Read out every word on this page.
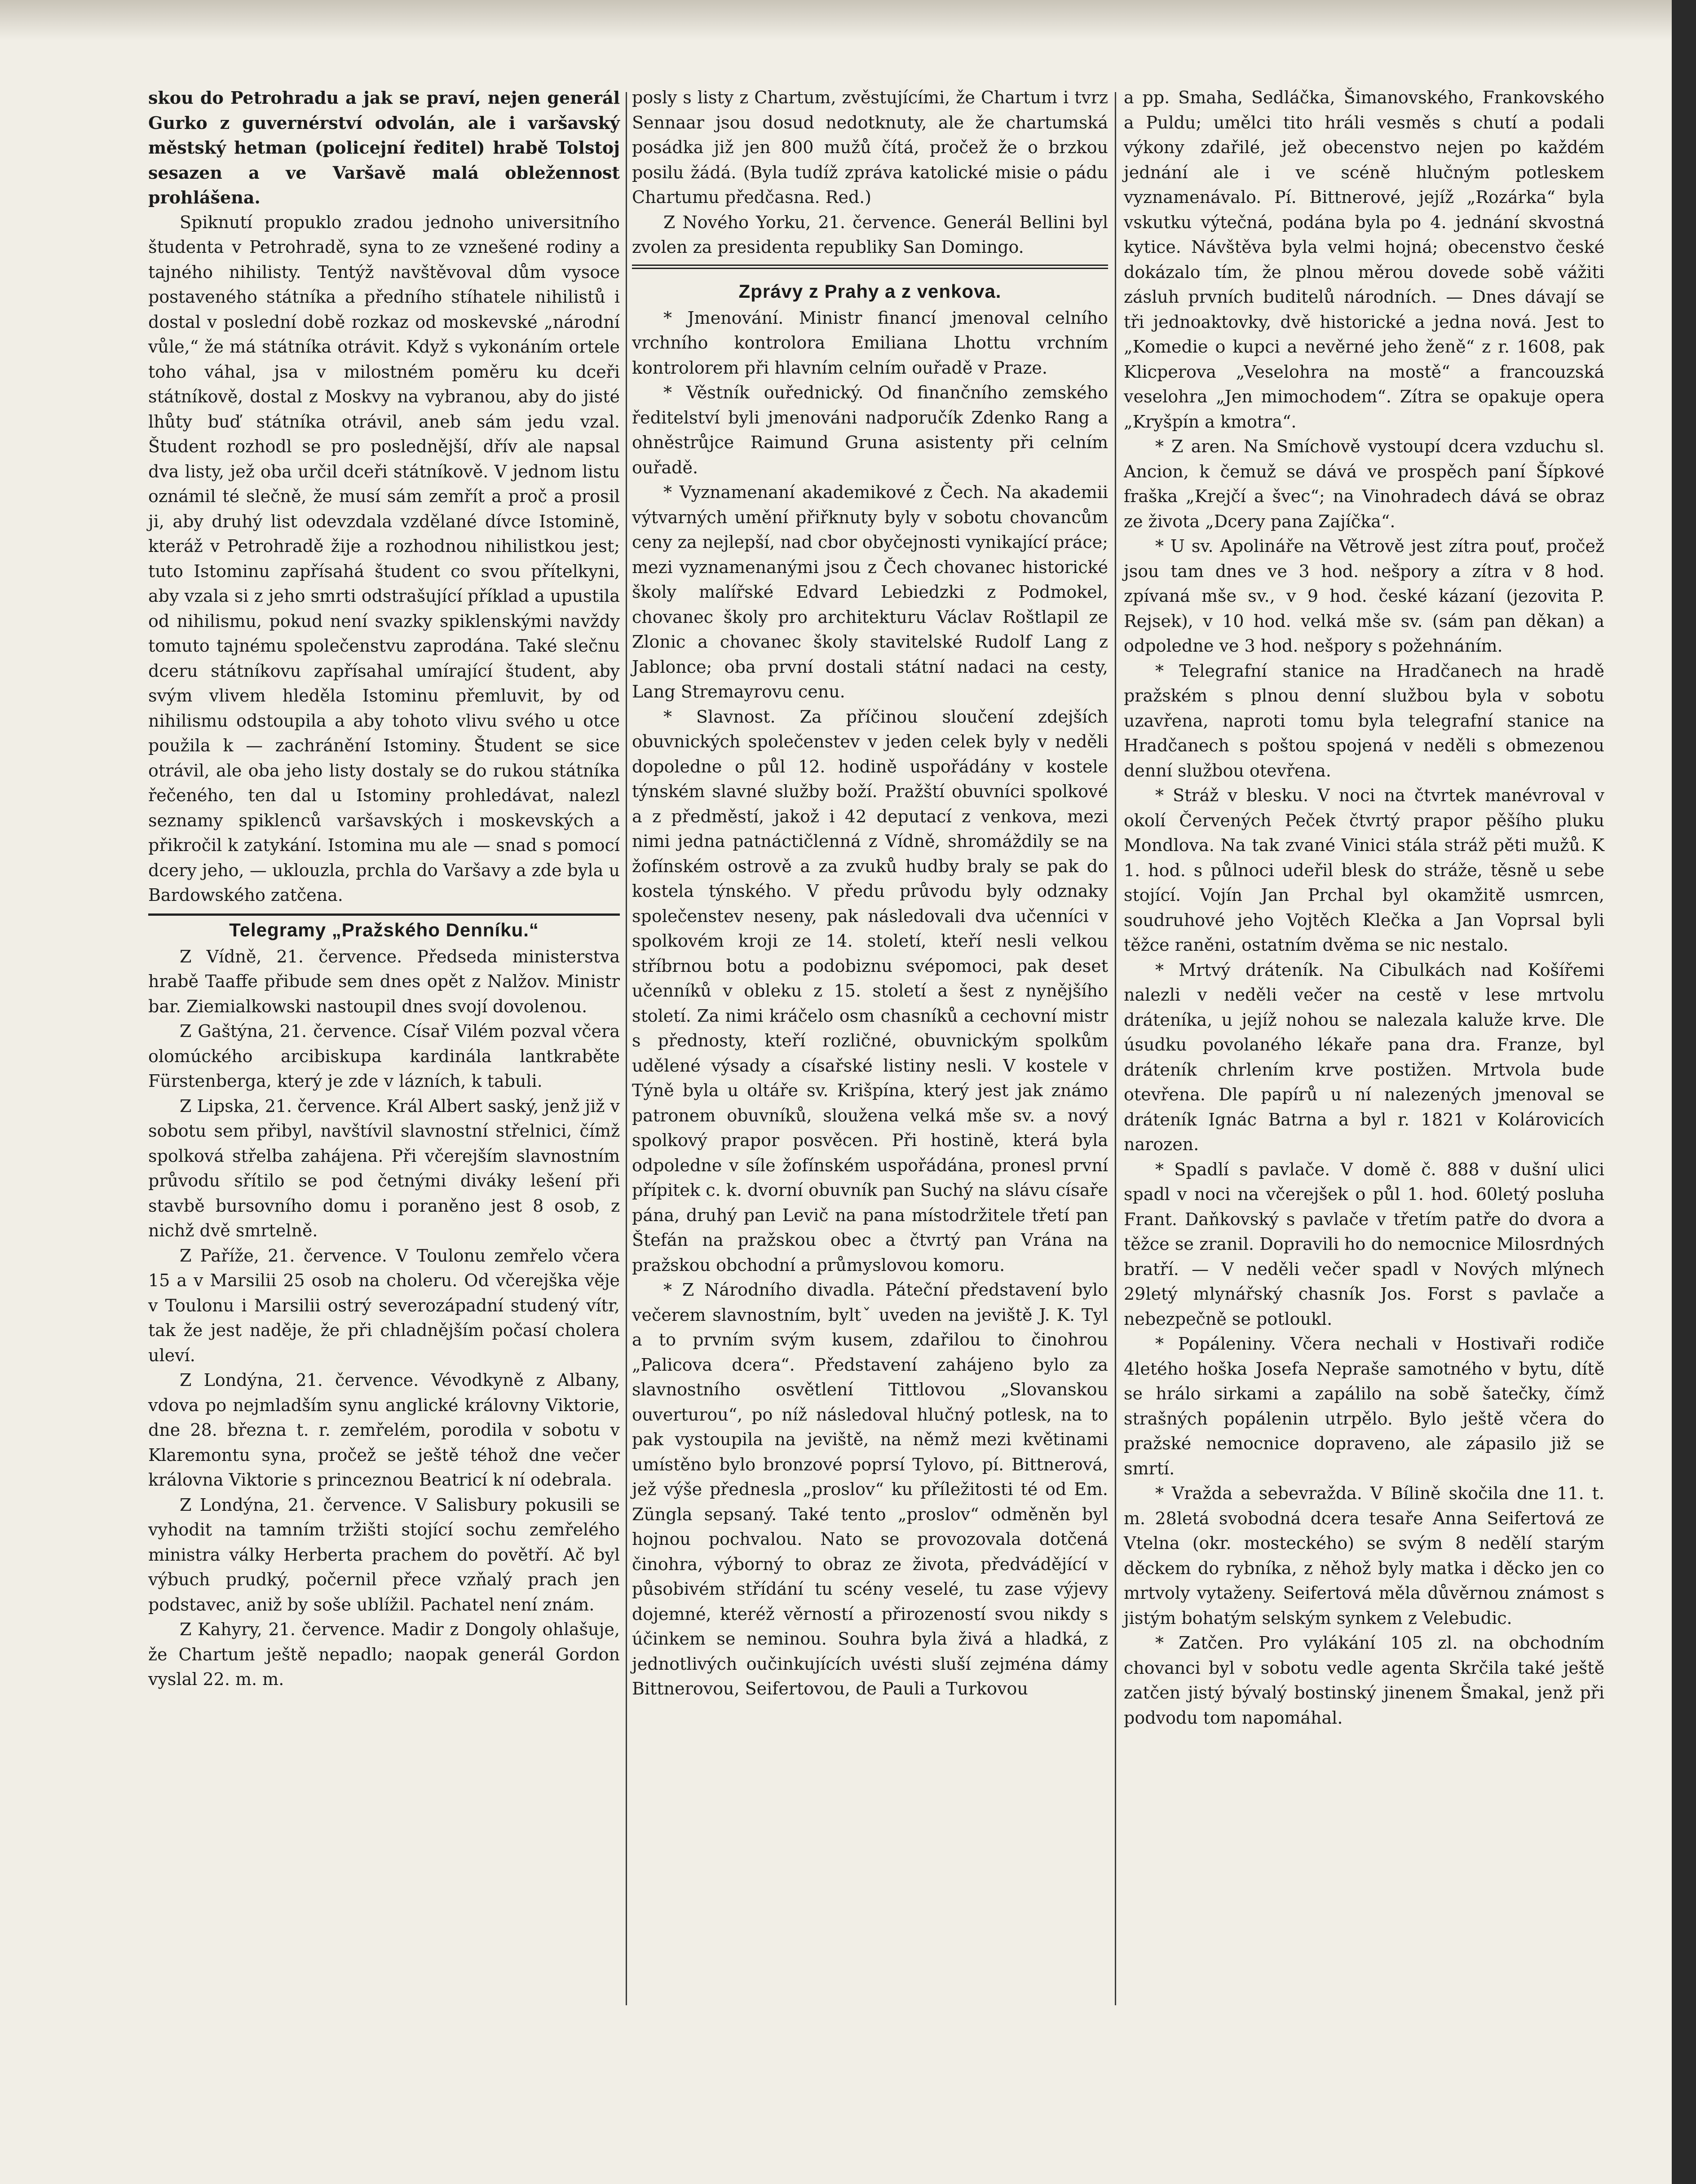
skou do Petrohradu a jak se praví, nejen generál Gurko z guvernérství odvolán, ale i varšavský městský hetman (policejní ředitel) hrabě Tolstoj sesazen a ve Varšavě malá obležennost prohlášena.

Spiknutí propuklo zradou jednoho universitního študenta v Petrohradě, syna to ze vznešené rodiny a tajného nihilisty. Tentýž navštěvoval dům vysoce postaveného státníka a předního stíhatele nihilistů i dostal v poslední době rozkaz od moskevské „národní vůle,“ že má státníka otrávit. Když s vykonáním ortele toho váhal, jsa v milostném poměru ku dceři státníkově, dostal z Moskvy na vybranou, aby do jisté lhůty buď státníka otrávil, aneb sám jedu vzal. Študent rozhodl se pro poslednější, dřív ale napsal dva listy, jež oba určil dceři státníkově. V jednom listu oznámil té slečně, že musí sám zemřít a proč a prosil ji, aby druhý list odevzdala vzdělané dívce Istomině, kteráž v Petrohradě žije a rozhodnou nihilistkou jest; tuto Istominu zapřísahá študent co svou přítelkyni, aby vzala si z jeho smrti odstrašující příklad a upustila od nihilismu, pokud není svazky spiklenskými navždy tomuto tajnému společenstvu zaprodána. Také slečnu dceru státníkovu zapřísahal umírající študent, aby svým vlivem hleděla Istominu přemluvit, by od nihilismu odstoupila a aby tohoto vlivu svého u otce použila k — zachránění Istominy. Študent se sice otrávil, ale oba jeho listy dostaly se do rukou státníka řečeného, ten dal u Istominy prohledávat, nalezl seznamy spiklenců varšavských i moskevských a přikročil k zatykání. Istomina mu ale — snad s pomocí dcery jeho, — uklouzla, prchla do Varšavy a zde byla u Bardowského zatčena.

Telegramy „Pražského Denníku.“

Z Vídně, 21. července. Předseda ministerstva hrabě Taaffe přibude sem dnes opět z Nalžov. Ministr bar. Ziemialkowski nastoupil dnes svojí dovolenou.

Z Gaštýna, 21. července. Císař Vilém pozval včera olomúckého arcibiskupa kardinála lantkraběte Fürstenberga, který je zde v lázních, k tabuli.

Z Lipska, 21. července. Král Albert saský, jenž již v sobotu sem přibyl, navštívil slavnostní střelnici, čímž spolková střelba zahájena. Při včerejším slavnostním průvodu sřítilo se pod četnými diváky lešení při stavbě bursovního domu i poraněno jest 8 osob, z nichž dvě smrtelně.

Z Paříže, 21. července. V Toulonu zemřelo včera 15 a v Marsilii 25 osob na choleru. Od včerejška věje v Toulonu i Marsilii ostrý severozápadní studený vítr, tak že jest naděje, že při chladnějším počasí cholera uleví.

Z Londýna, 21. července. Vévodkyně z Albany, vdova po nejmladším synu anglické královny Viktorie, dne 28. března t. r. zemřelém, porodila v sobotu v Klaremontu syna, pročež se ještě téhož dne večer královna Viktorie s princeznou Beatricí k ní odebrala.

Z Londýna, 21. července. V Salisbury pokusili se vyhodit na tamním tržišti stojící sochu zemřelého ministra války Herberta prachem do povětří. Ač byl výbuch prudký, počernil přece vzňalý prach jen podstavec, aniž by soše ublížil. Pachatel není znám.

Z Kahyry, 21. července. Madir z Dongoly ohlašuje, že Chartum ještě nepadlo; naopak generál Gordon vyslal 22. m. m.

posly s listy z Chartum, zvěstujícími, že Chartum i tvrz Sennaar jsou dosud nedotknuty, ale že chartumská posádka již jen 800 mužů čítá, pročež že o brzkou posilu žádá. (Byla tudíž zpráva katolické misie o pádu Chartumu předčasna. Red.)

Z Nového Yorku, 21. července. Generál Bellini byl zvolen za presidenta republiky San Domingo.

Zprávy z Prahy a z venkova.

* Jmenování. Ministr financí jmenoval celního vrchního kontrolora Emiliana Lhottu vrchním kontrolorem při hlavním celním ouřadě v Praze.

* Věstník ouřednický. Od finančního zemského ředitelství byli jmenováni nadporučík Zdenko Rang a ohněstrůjce Raimund Gruna asistenty při celním ouřadě.

* Vyznamenaní akademikové z Čech. Na akademii výtvarných umění přiřknuty byly v sobotu chovancům ceny za nejlepší, nad cbor obyčejnosti vynikající práce; mezi vyznamenanými jsou z Čech chovanec historické školy malířské Edvard Lebiedzki z Podmokel, chovanec školy pro architekturu Václav Roštlapil ze Zlonic a chovanec školy stavitelské Rudolf Lang z Jablonce; oba první dostali státní nadaci na cesty, Lang Stremayrovu cenu.

* Slavnost. Za příčinou sloučení zdejších obuvnických společenstev v jeden celek byly v neděli dopoledne o půl 12. hodině uspořádány v kostele týnském slavné služby boží. Pražští obuvníci spolkové a z předměstí, jakož i 42 deputací z venkova, mezi nimi jedna patnáctičlenná z Vídně, shromáždily se na žofínském ostrově a za zvuků hudby braly se pak do kostela týnského. V předu průvodu byly odznaky společenstev neseny, pak následovali dva učenníci v spolkovém kroji ze 14. století, kteří nesli velkou stříbrnou botu a podobiznu svépomoci, pak deset učenníků v obleku z 15. století a šest z nynějšího století. Za nimi kráčelo osm chasníků a cechovní mistr s přednosty, kteří rozličné, obuvnickým spolkům udělené výsady a císařské listiny nesli. V kostele v Týně byla u oltáře sv. Krišpína, který jest jak známo patronem obuvníků, sloužena velká mše sv. a nový spolkový prapor posvěcen. Při hostině, která byla odpoledne v síle žofínském uspořádána, pronesl první přípitek c. k. dvorní obuvník pan Suchý na slávu císaře pána, druhý pan Levič na pana místodržitele třetí pan Štefán na pražskou obec a čtvrtý pan Vrána na pražskou obchodní a průmyslovou komoru.

* Z Národního divadla. Páteční představení bylo večerem slavnostním, byltˇ uveden na jeviště J. K. Tyl a to prvním svým kusem, zdařilou to činohrou „Palicova dcera“. Představení zahájeno bylo za slavnostního osvětlení Tittlovou „Slovanskou ouverturou“, po níž následoval hlučný potlesk, na to pak vystoupila na jeviště, na němž mezi květinami umístěno bylo bronzové poprsí Tylovo, pí. Bittnerová, jež výše přednesla „proslov“ ku příležitosti té od Em. Züngla sepsaný. Také tento „proslov“ odměněn byl hojnou pochvalou. Nato se provozovala dotčená činohra, výborný to obraz ze života, předvádějící v působivém střídání tu scény veselé, tu zase výjevy dojemné, kteréž věrností a přirozeností svou nikdy s účinkem se neminou. Souhra byla živá a hladká, z jednotlivých oučinkujících uvésti sluší zejména dámy Bittnerovou, Seifertovou, de Pauli a Turkovou

a pp. Smaha, Sedláčka, Šimanovského, Frankovského a Puldu; umělci tito hráli vesměs s chutí a podali výkony zdařilé, jež obecenstvo nejen po každém jednání ale i ve scéně hlučným potleskem vyznamenávalo. Pí. Bittnerové, jejíž „Rozárka“ byla vskutku výtečná, podána byla po 4. jednání skvostná kytice. Návštěva byla velmi hojná; obecenstvo české dokázalo tím, že plnou měrou dovede sobě vážiti zásluh prvních buditelů národních. — Dnes dávají se tři jednoaktovky, dvě historické a jedna nová. Jest to „Komedie o kupci a nevěrné jeho ženě“ z r. 1608, pak Klicperova „Veselohra na mostě“ a francouzská veselohra „Jen mimochodem“. Zítra se opakuje opera „Kryšpín a kmotra“.

* Z aren. Na Smíchově vystoupí dcera vzduchu sl. Ancion, k čemuž se dává ve prospěch paní Šípkové fraška „Krejčí a švec“; na Vinohradech dává se obraz ze života „Dcery pana Zajíčka“.

* U sv. Apolináře na Větrově jest zítra pouť, pročež jsou tam dnes ve 3 hod. nešpory a zítra v 8 hod. zpívaná mše sv., v 9 hod. české kázaní (jezovita P. Rejsek), v 10 hod. velká mše sv. (sám pan děkan) a odpoledne ve 3 hod. nešpory s požehnáním.

* Telegrafní stanice na Hradčanech na hradě pražském s plnou denní službou byla v sobotu uzavřena, naproti tomu byla telegrafní stanice na Hradčanech s poštou spojená v neděli s obmezenou denní službou otevřena.

* Stráž v blesku. V noci na čtvrtek manévroval v okolí Červených Peček čtvrtý prapor pěšího pluku Mondlova. Na tak zvané Vinici stála stráž pěti mužů. K 1. hod. s půlnoci udeřil blesk do stráže, těsně u sebe stojící. Vojín Jan Prchal byl okamžitě usmrcen, soudruhové jeho Vojtěch Klečka a Jan Voprsal byli těžce raněni, ostatním dvěma se nic nestalo.

* Mrtvý dráteník. Na Cibulkách nad Košířemi nalezli v neděli večer na cestě v lese mrtvolu dráteníka, u jejíž nohou se nalezala kaluže krve. Dle úsudku povolaného lékaře pana dra. Franze, byl dráteník chrlením krve postižen. Mrtvola bude otevřena. Dle papírů u ní nalezených jmenoval se dráteník Ignác Batrna a byl r. 1821 v Kolárovicích narozen.

* Spadlí s pavlače. V domě č. 888 v dušní ulici spadl v noci na včerejšek o půl 1. hod. 60letý posluha Frant. Daňkovský s pavlače v třetím patře do dvora a těžce se zranil. Dopravili ho do nemocnice Milosrdných bratří. — V neděli večer spadl v Nových mlýnech 29letý mlynářský chasník Jos. Forst s pavlače a nebezpečně se potloukl.

* Popáleniny. Včera nechali v Hostivaři rodiče 4letého hoška Josefa Nepraše samotného v bytu, dítě se hrálo sirkami a zapálilo na sobě šatečky, čímž strašných popálenin utrpělo. Bylo ještě včera do pražské nemocnice dopraveno, ale zápasilo již se smrtí.

* Vražda a sebevražda. V Bílině skočila dne 11. t. m. 28letá svobodná dcera tesaře Anna Seifertová ze Vtelna (okr. mosteckého) se svým 8 nedělí starým děckem do rybníka, z něhož byly matka i děcko jen co mrtvoly vytaženy. Seifertová měla důvěrnou známost s jistým bohatým selským synkem z Velebudic.

* Zatčen. Pro vylákání 105 zl. na obchodním chovanci byl v sobotu vedle agenta Skrčila také ještě zatčen jistý bývalý bostinský jinenem Šmakal, jenž při podvodu tom napomáhal.
